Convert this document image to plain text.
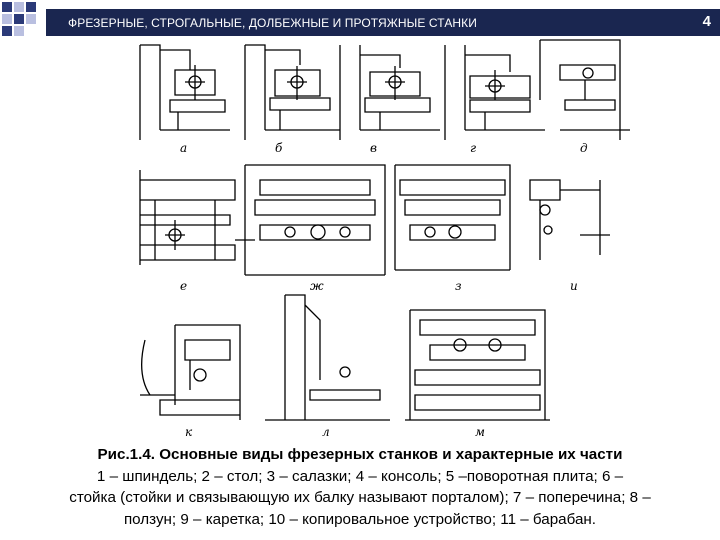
ФРЕЗЕРНЫЕ, СТРОГАЛЬНЫЕ, ДОЛБЕЖНЫЕ И ПРОТЯЖНЫЕ СТАНКИ	4
а	б	в	г	д
е	ж	з	и
к	л	м
Рис.1.4. Основные виды фрезерных станков и характерные их части
1 – шпиндель; 2 – стол; 3 – салазки; 4 – консоль; 5 –поворотная плита; 6 –
стойка (стойки и связывающую их балку называют порталом); 7 – поперечина; 8 –
ползун; 9 – каретка; 10 – копировальное устройство; 11 – барабан.
